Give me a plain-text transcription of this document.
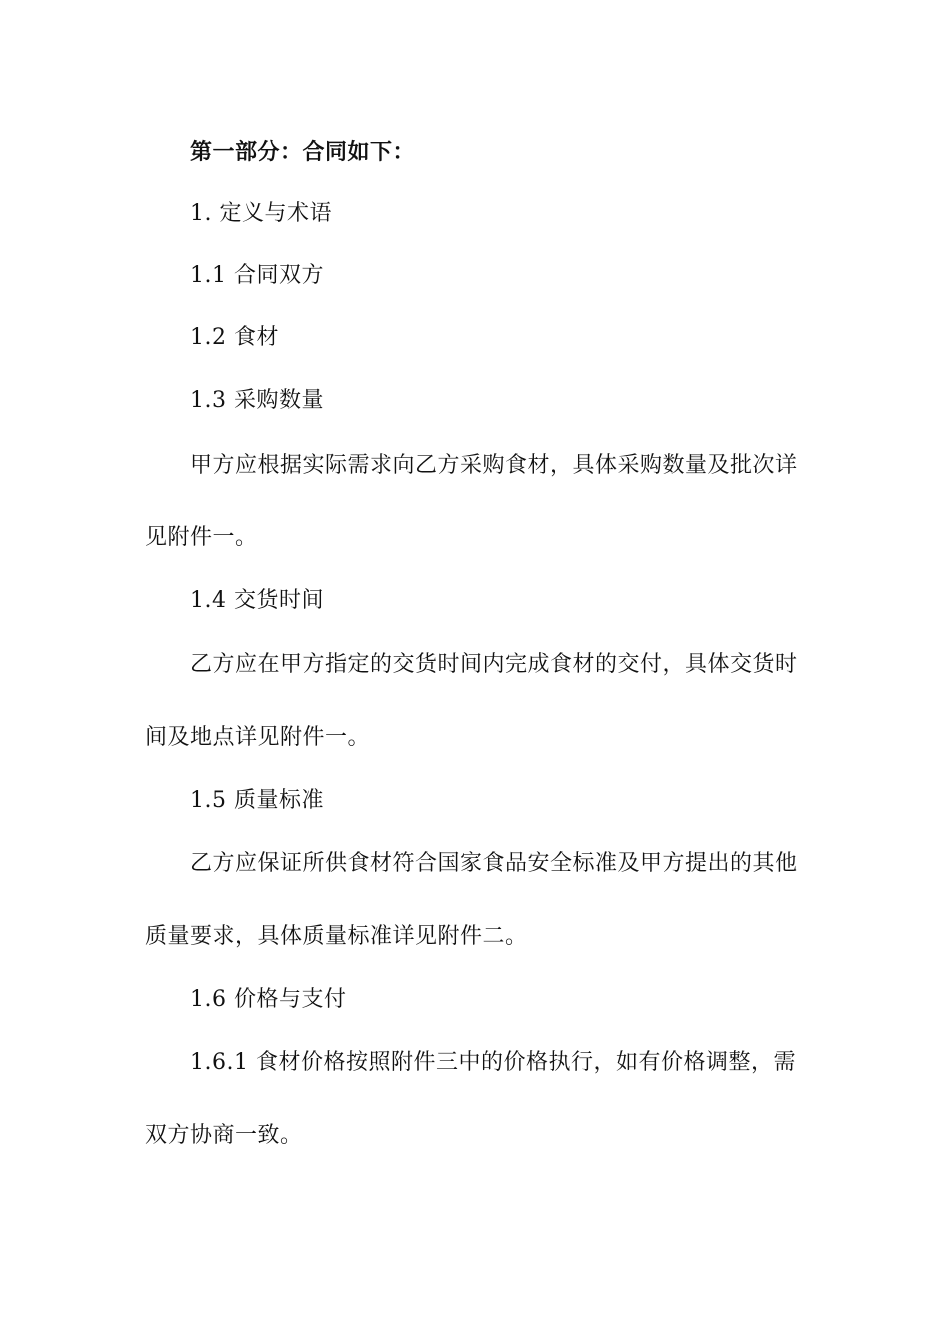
第一部分：合同如下：
1. 定义与术语
1.1 合同双方
1.2 食材
1.3 采购数量
甲方应根据实际需求向乙方采购食材，具体采购数量及批次详
见附件一。
1.4 交货时间
乙方应在甲方指定的交货时间内完成食材的交付，具体交货时
间及地点详见附件一。
1.5 质量标准
乙方应保证所供食材符合国家食品安全标准及甲方提出的其他
质量要求，具体质量标准详见附件二。
1.6 价格与支付
1.6.1 食材价格按照附件三中的价格执行，如有价格调整，需
双方协商一致。
